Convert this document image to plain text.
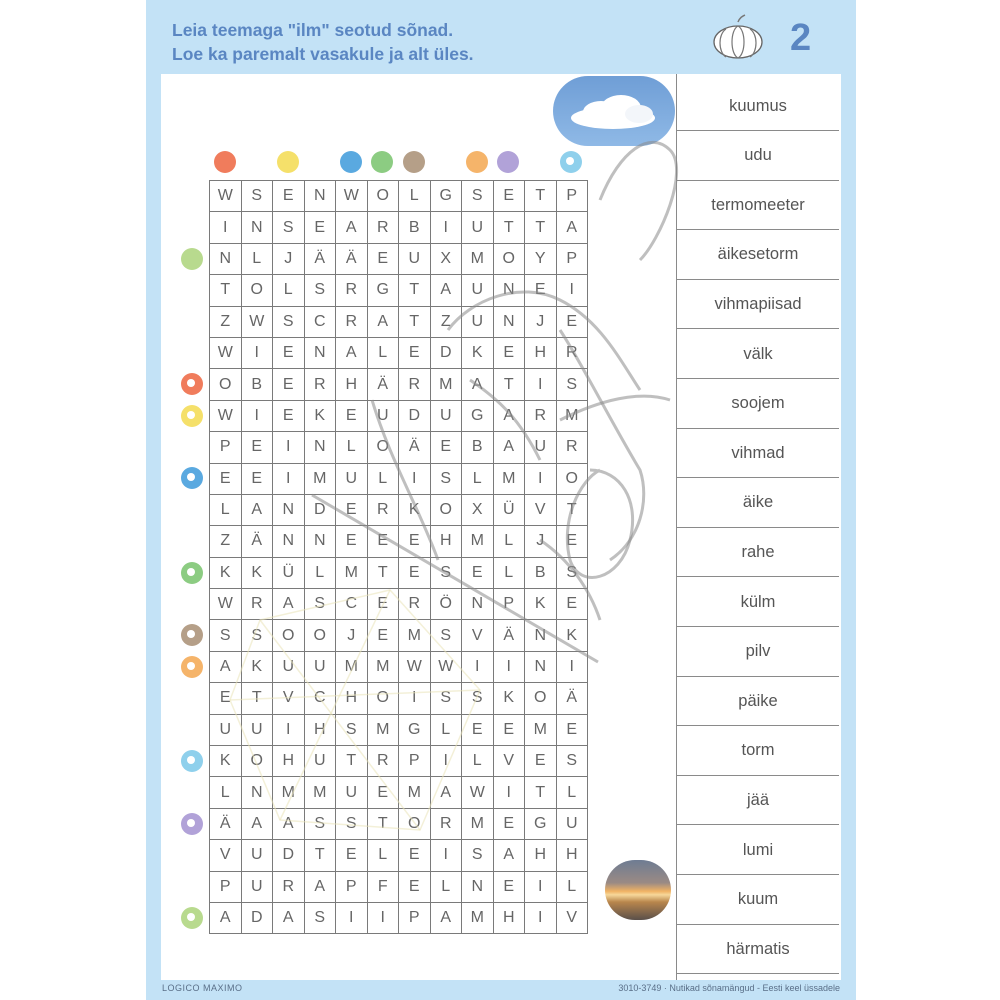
Leia teemaga "ilm" seotud sõnad.
Loe ka paremalt vasakule ja alt üles.	2
W	S	E	N	W	O	L	G	S	E	T	P
I	N	S	E	A	R	B	I	U	T	T	A
N	L	J	Ä	Ä	E	U	X	M	O	Y	P
T	O	L	S	R	G	T	A	U	N	E	I
Z	W	S	C	R	A	T	Z	U	N	J	E
W	I	E	N	A	L	E	D	K	E	H	R
O	B	E	R	H	Ä	R	M	A	T	I	S
W	I	E	K	E	U	D	U	G	A	R	M
P	E	I	N	L	O	Ä	E	B	A	U	R
E	E	I	M	U	L	I	S	L	M	I	O
L	A	N	D	E	R	K	O	X	Ü	V	T
Z	Ä	N	N	E	E	E	H	M	L	J	E
K	K	Ü	L	M	T	E	S	E	L	B	S
W	R	A	S	C	E	R	Ö	N	P	K	E
S	S	O	O	J	E	M	S	V	Ä	N	K
A	K	U	U	M	M	W	W	I	I	N	I
E	T	V	C	H	O	I	S	S	K	O	Ä
U	U	I	H	S	M	G	L	E	E	M	E
K	O	H	U	T	R	P	I	L	V	E	S
L	N	M	M	U	E	M	A	W	I	T	L
Ä	A	A	S	S	T	O	R	M	E	G	U
V	U	D	T	E	L	E	I	S	A	H	H
P	U	R	A	P	F	E	L	N	E	I	L
A	D	A	S	I	I	P	A	M	H	I	V
kuumus
udu
termomeeter
äikesetorm
vihmapiisad
välk
soojem
vihmad
äike
rahe
külm
pilv
päike
torm
jää
lumi
kuum
härmatis
LOGICO MAXIMO	3010-3749 · Nutikad sõnamängud - Eesti keel üssadele
